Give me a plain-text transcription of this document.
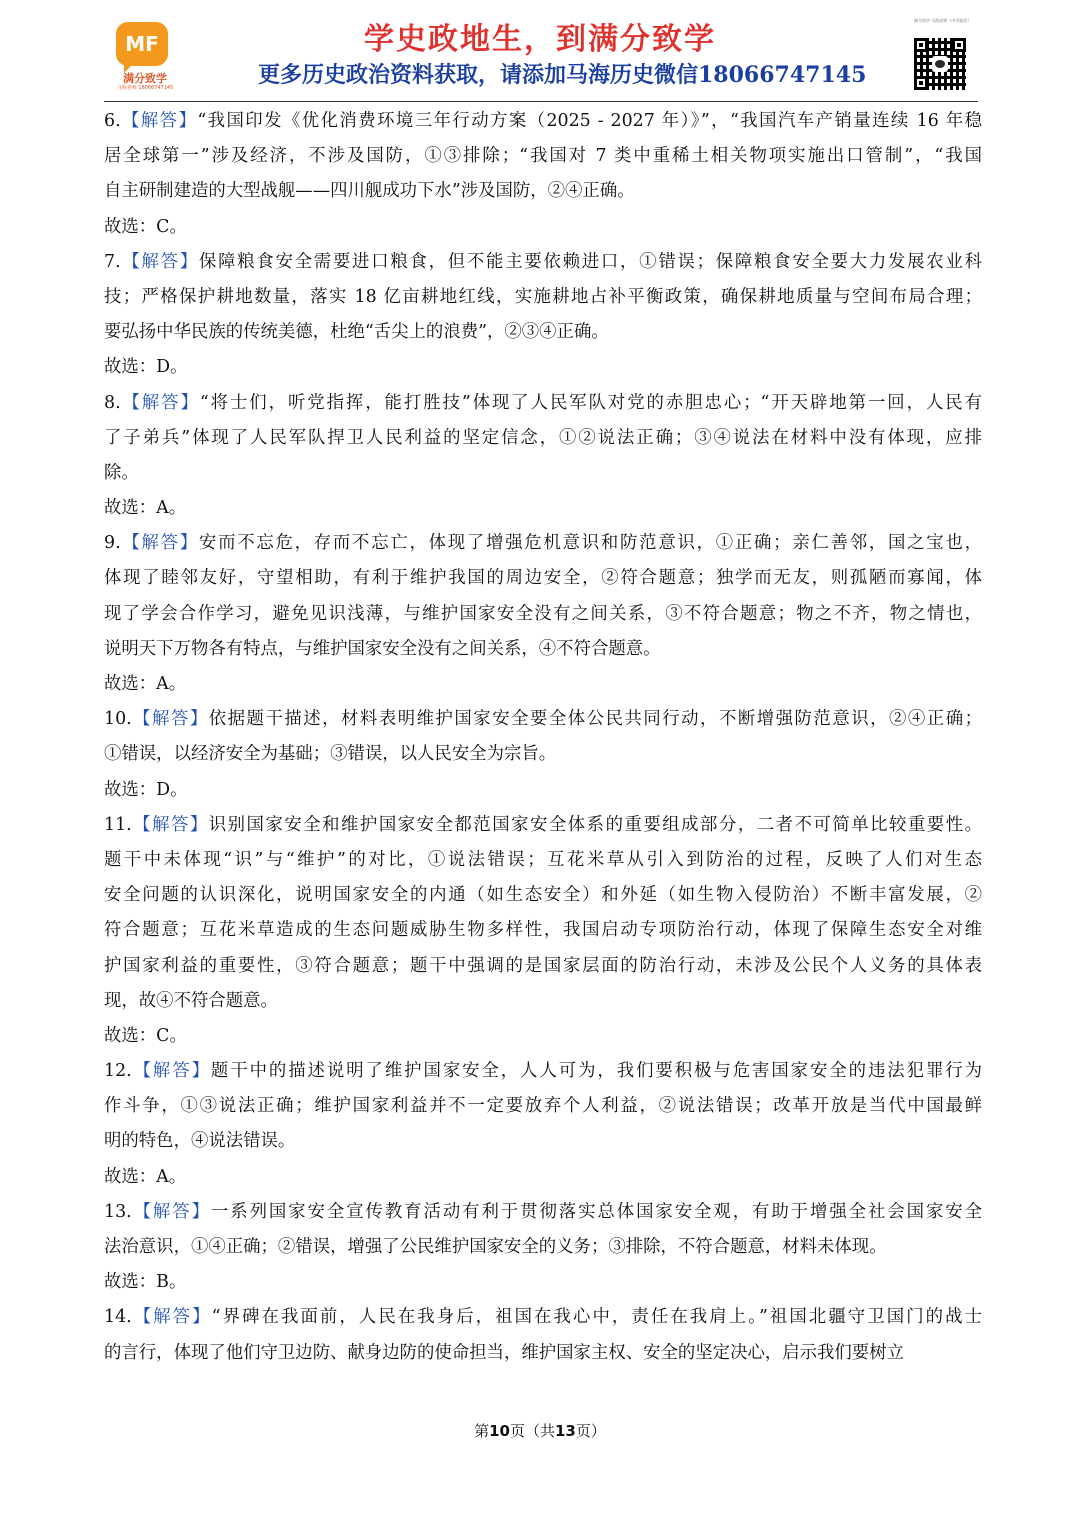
MF
满分致学
马海老师 18066747145
学史政地生，到满分致学
更多历史政治资料获取，请添加马海历史微信18066747145
满分致学·马海老师（中学政治）
6.【解答】“我国印发《优化消费环境三年行动方案（2025 - 2027 年）》”，“我国汽车产销量连续 16 年稳
居全球第一”涉及经济，不涉及国防，①③排除；“我国对 7 类中重稀土相关物项实施出口管制”，“我国
自主研制建造的大型战舰——四川舰成功下水”涉及国防，②④正确。
故选：C。
7.【解答】保障粮食安全需要进口粮食，但不能主要依赖进口，①错误；保障粮食安全要大力发展农业科
技；严格保护耕地数量，落实 18 亿亩耕地红线，实施耕地占补平衡政策，确保耕地质量与空间布局合理；
要弘扬中华民族的传统美德，杜绝“舌尖上的浪费”，②③④正确。
故选：D。
8.【解答】“将士们，听党指挥，能打胜技”体现了人民军队对党的赤胆忠心；“开天辟地第一回，人民有
了子弟兵”体现了人民军队捍卫人民利益的坚定信念，①②说法正确；③④说法在材料中没有体现，应排
除。
故选：A。
9.【解答】安而不忘危，存而不忘亡，体现了增强危机意识和防范意识，①正确；亲仁善邻，国之宝也，
体现了睦邻友好，守望相助，有利于维护我国的周边安全，②符合题意；独学而无友，则孤陋而寡闻，体
现了学会合作学习，避免见识浅薄，与维护国家安全没有之间关系，③不符合题意；物之不齐，物之情也，
说明天下万物各有特点，与维护国家安全没有之间关系，④不符合题意。
故选：A。
10.【解答】依据题干描述，材料表明维护国家安全要全体公民共同行动，不断增强防范意识，②④正确；
①错误，以经济安全为基础；③错误，以人民安全为宗旨。
故选：D。
11.【解答】识别国家安全和维护国家安全都范国家安全体系的重要组成部分，二者不可简单比较重要性。
题干中未体现“识”与“维护”的对比，①说法错误；互花米草从引入到防治的过程，反映了人们对生态
安全问题的认识深化，说明国家安全的内通（如生态安全）和外延（如生物入侵防治）不断丰富发展，②
符合题意；互花米草造成的生态问题威胁生物多样性，我国启动专项防治行动，体现了保障生态安全对维
护国家利益的重要性，③符合题意；题干中强调的是国家层面的防治行动，未涉及公民个人义务的具体表
现，故④不符合题意。
故选：C。
12.【解答】题干中的描述说明了维护国家安全，人人可为，我们要积极与危害国家安全的违法犯罪行为
作斗争，①③说法正确；维护国家利益并不一定要放弃个人利益，②说法错误；改革开放是当代中国最鲜
明的特色，④说法错误。
故选：A。
13.【解答】一系列国家安全宣传教育活动有利于贯彻落实总体国家安全观，有助于增强全社会国家安全
法治意识，①④正确；②错误，增强了公民维护国家安全的义务；③排除，不符合题意，材料未体现。
故选：B。
14.【解答】“界碑在我面前，人民在我身后，祖国在我心中，责任在我肩上。”祖国北疆守卫国门的战士
的言行，体现了他们守卫边防、献身边防的使命担当，维护国家主权、安全的坚定决心，启示我们要树立
第10页（共13页）
